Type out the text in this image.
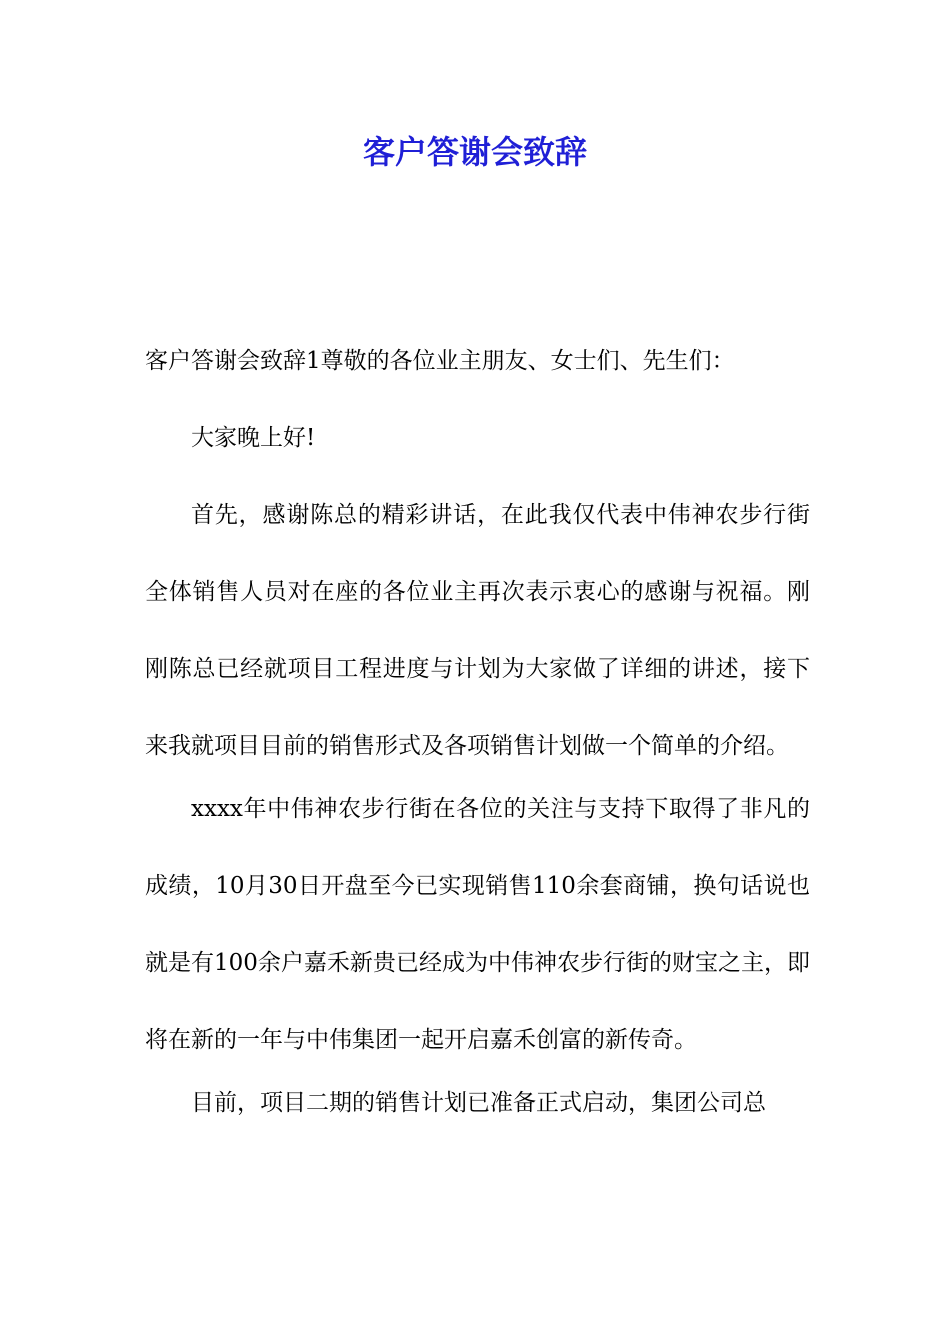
客户答谢会致辞

客户答谢会致辞1尊敬的各位业主朋友、女士们、先生们：

大家晚上好!

首先，感谢陈总的精彩讲话，在此我仅代表中伟神农步行街全体销售人员对在座的各位业主再次表示衷心的感谢与祝福。刚刚陈总已经就项目工程进度与计划为大家做了详细的讲述，接下来我就项目目前的销售形式及各项销售计划做一个简单的介绍。

xxxx年中伟神农步行街在各位的关注与支持下取得了非凡的成绩，10月30日开盘至今已实现销售110余套商铺，换句话说也就是有100余户嘉禾新贵已经成为中伟神农步行街的财宝之主，即将在新的一年与中伟集团一起开启嘉禾创富的新传奇。

目前，项目二期的销售计划已准备正式启动，集团公司总
